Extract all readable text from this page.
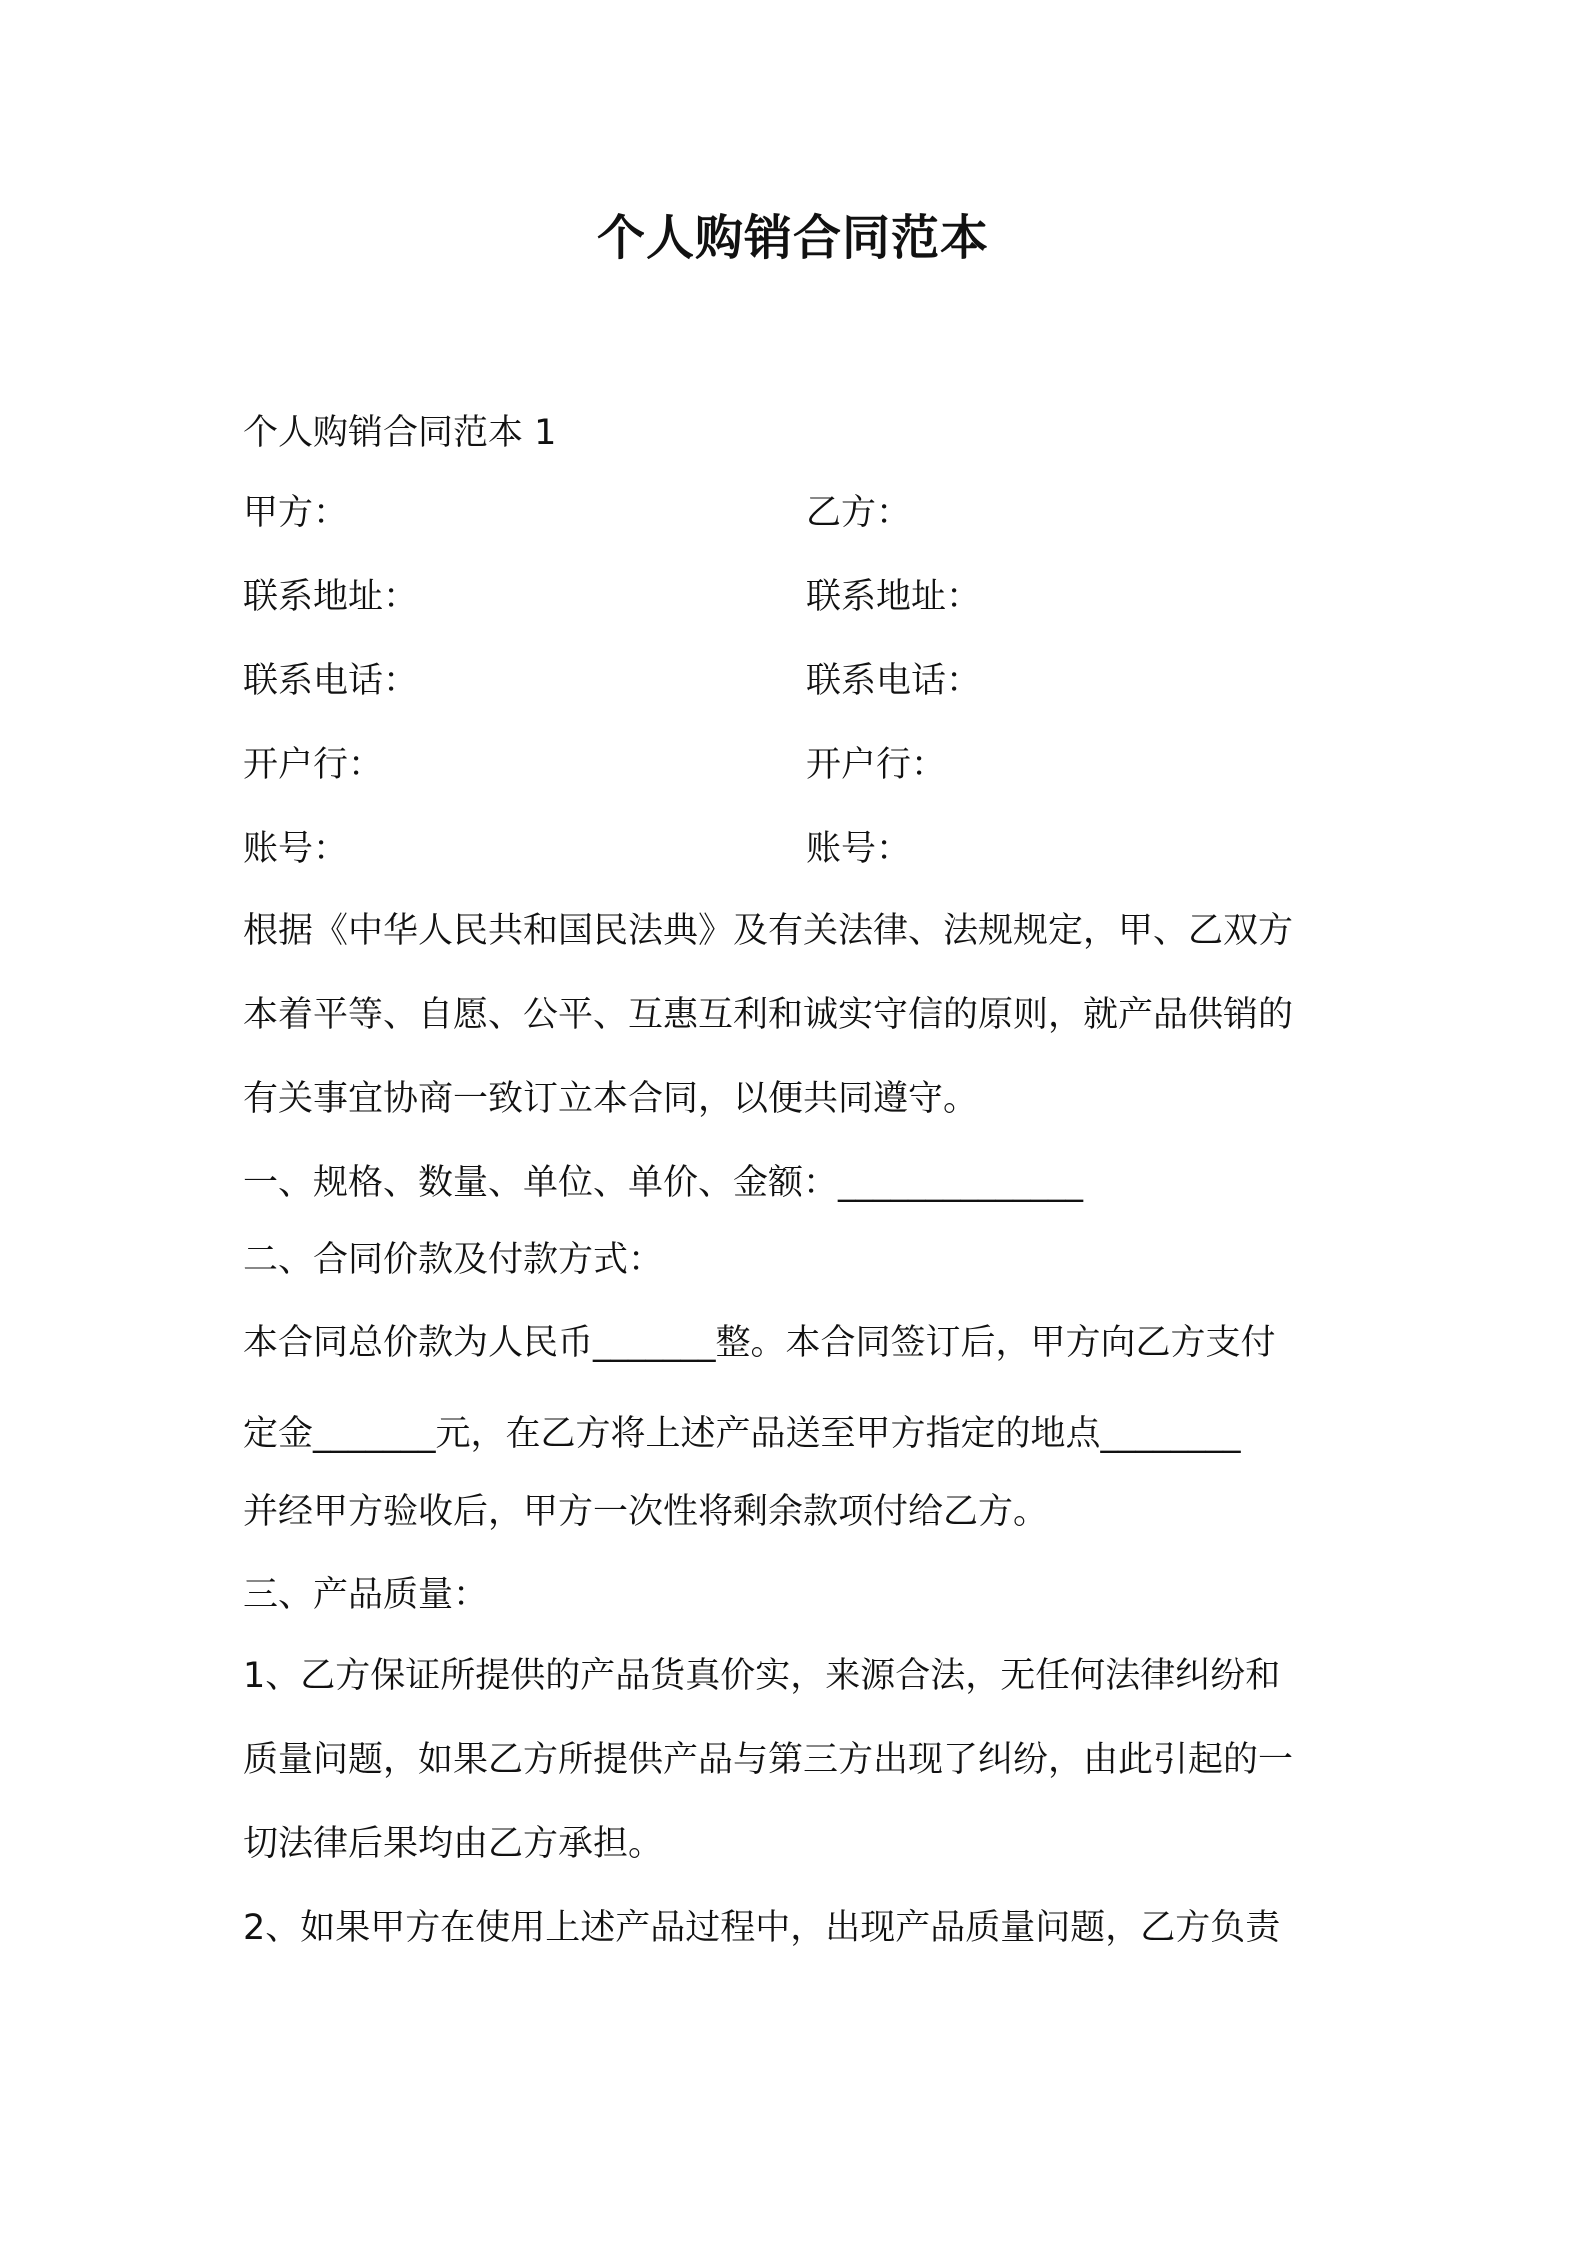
个人购销合同范本
个人购销合同范本 1
甲方：	乙方：
联系地址：	联系地址：
联系电话：	联系电话：
开户行：	开户行：
账号：	账号：
根据《中华人民共和国民法典》及有关法律、法规规定，甲、乙双方
本着平等、自愿、公平、互惠互利和诚实守信的原则，就产品供销的
有关事宜协商一致订立本合同，以便共同遵守。
一、规格、数量、单位、单价、金额：______________
二、合同价款及付款方式：
本合同总价款为人民币_______整。本合同签订后，甲方向乙方支付
定金_______元，在乙方将上述产品送至甲方指定的地点________
并经甲方验收后，甲方一次性将剩余款项付给乙方。
三、产品质量：
1、乙方保证所提供的产品货真价实，来源合法，无任何法律纠纷和
质量问题，如果乙方所提供产品与第三方出现了纠纷，由此引起的一
切法律后果均由乙方承担。
2、如果甲方在使用上述产品过程中，出现产品质量问题，乙方负责
